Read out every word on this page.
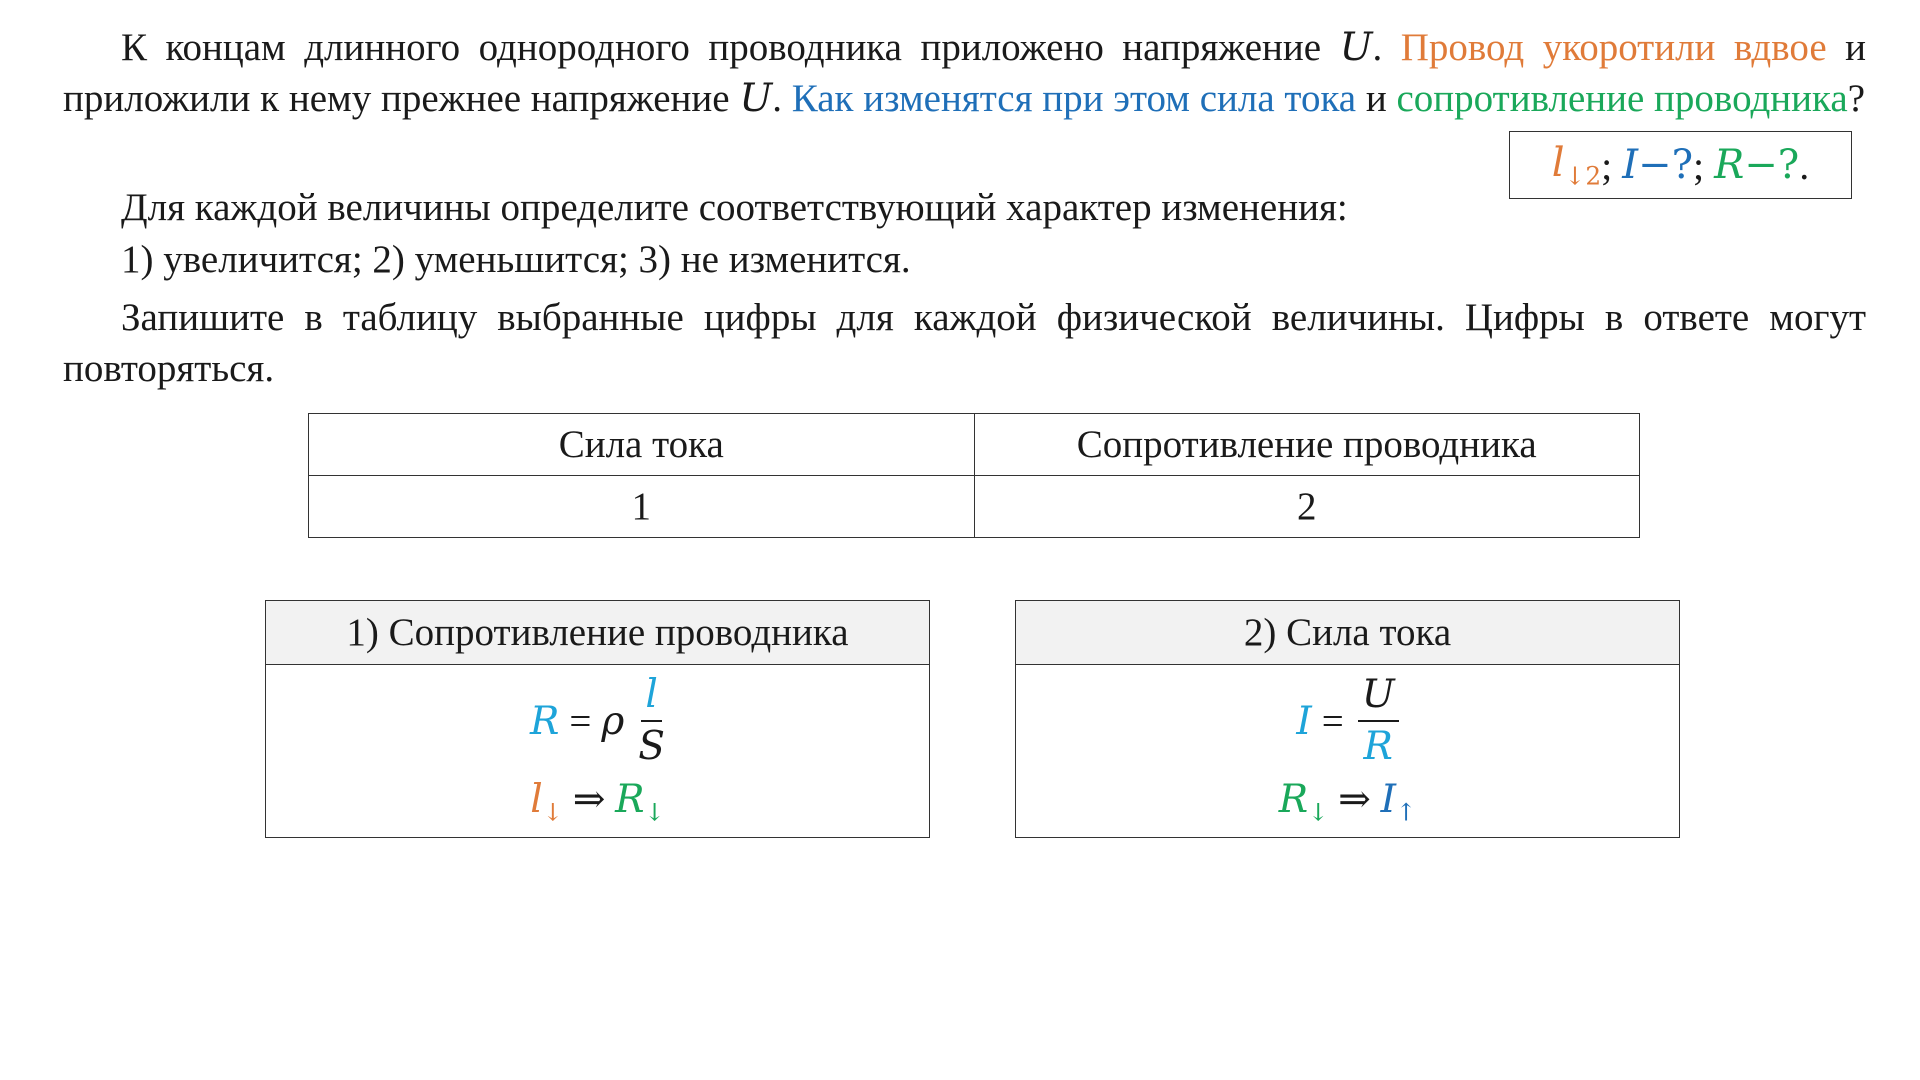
К концам длинного однородного проводника приложено напряжение U. Провод укоротили вдвое и приложили к нему прежнее напряжение U. Как изменятся при этом сила тока и сопротивление проводника?

$l_{↓2}$ ;
I−? ;
R−? .

Для каждой величины определите соответствующий характер изменения:

1) увеличится; 2) уменьшится; 3) не изменится.

Запишите в таблицу выбранные цифры для каждой физической величины. Цифры в ответе могут повторяться.

Сила тока	Сопротивление проводника
1	2
1) Сопротивление проводника
R = ρ $\frac{l}{S}$
$l_↓$ ⇒ $R_↓$
2) Сила тока
$I = \frac{U}{R}$
$R_↓$ ⇒ $I_↑$
